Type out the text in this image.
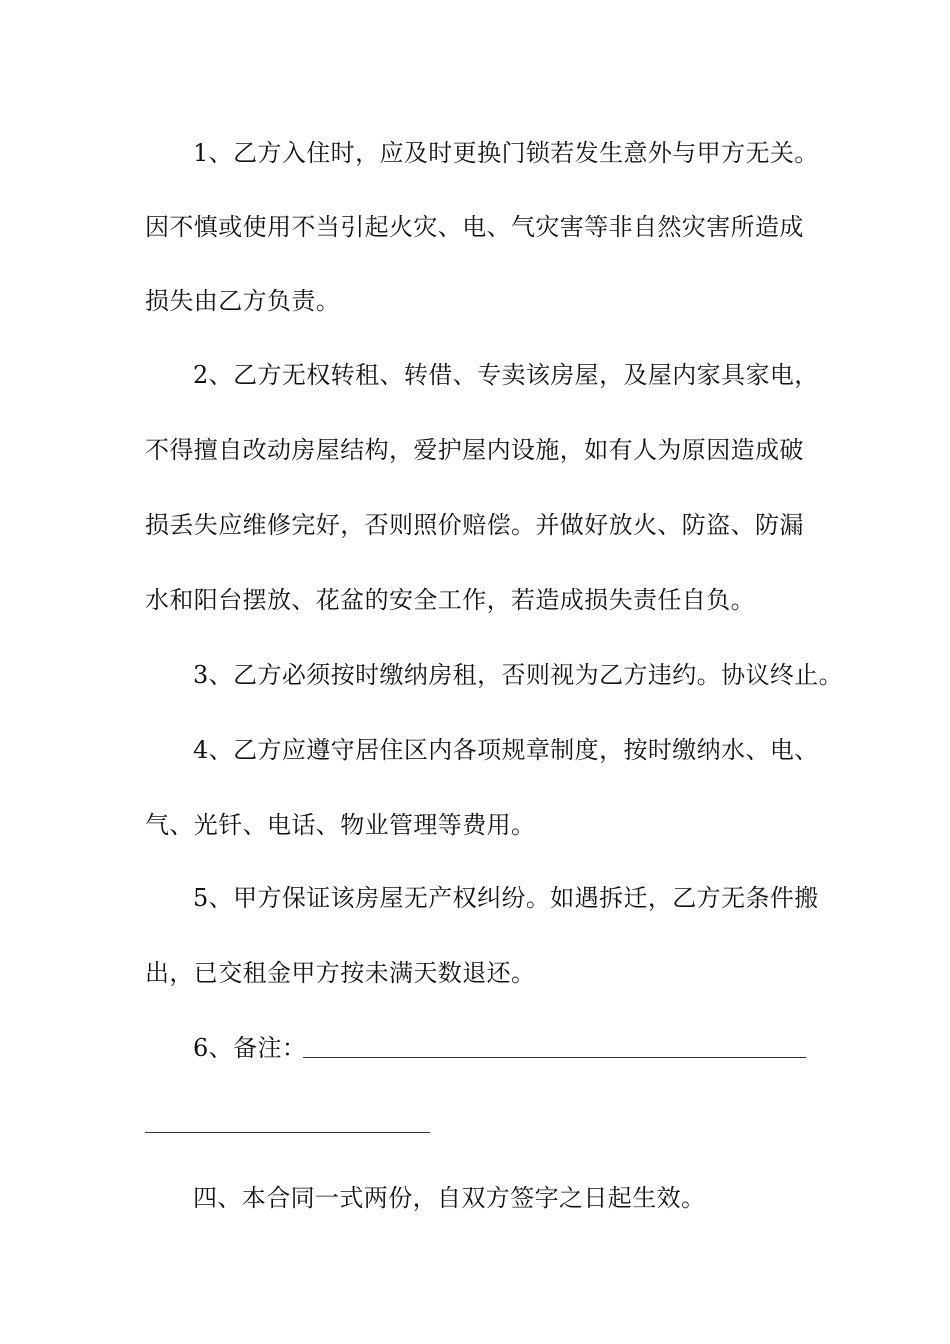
1、乙方入住时，应及时更换门锁若发生意外与甲方无关。
因不慎或使用不当引起火灾、电、气灾害等非自然灾害所造成
损失由乙方负责。
2、乙方无权转租、转借、专卖该房屋，及屋内家具家电，
不得擅自改动房屋结构，爱护屋内设施，如有人为原因造成破
损丢失应维修完好，否则照价赔偿。并做好放火、防盗、防漏
水和阳台摆放、花盆的安全工作，若造成损失责任自负。
3、乙方必须按时缴纳房租，否则视为乙方违约。协议终止。
4、乙方应遵守居住区内各项规章制度，按时缴纳水、电、
气、光钎、电话、物业管理等费用。
5、甲方保证该房屋无产权纠纷。如遇拆迁，乙方无条件搬
出，已交租金甲方按未满天数退还。
6、备注：
四、本合同一式两份，自双方签字之日起生效。
